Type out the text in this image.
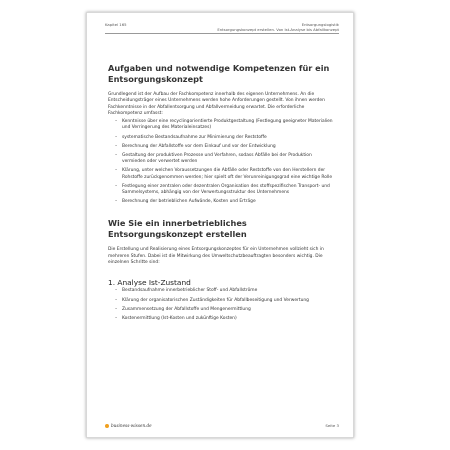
Kapitel 165	Entsorgungslogistik
Entsorgungskonzept erstellen. Von Ist-Analyse bis Abfallkonzept
Aufgaben und notwendige Kompetenzen für ein Entsorgungskonzept

Grundlegend ist der Aufbau der Fachkompetenz innerhalb des eigenen Unternehmens. An die Entscheidungsträger eines Unternehmens werden hohe Anforderungen gestellt. Von ihnen werden Fachkenntnisse in der Abfallentsorgung und Abfallvermeidung erwartet. Die erforderliche Fachkompetenz umfasst:

– Kenntnisse über eine recyclingorientierte Produktgestaltung (Festlegung geeigneter Materialien und Verringerung des Materialeinsatzes)
– systematische Bestandsaufnahme zur Minimierung der Reststoffe
– Berechnung der Abfallstoffe vor dem Einkauf und vor der Entwicklung
– Gestaltung der produktiven Prozesse und Verfahren, sodass Abfälle bei der Produktion vermieden oder verwertet werden
– Klärung, unter welchen Voraussetzungen die Abfälle oder Reststoffe von den Herstellern der Rohstoffe zurückgenommen werden; hier spielt oft der Verunreinigungsgrad eine wichtige Rolle
– Festlegung einer zentralen oder dezentralen Organisation des stoffspezifischen Transport- und Sammelsystems, abhängig von der Verwertungsstruktur des Unternehmens
– Berechnung der betrieblichen Aufwände, Kosten und Erträge
Wie Sie ein innerbetriebliches Entsorgungskonzept erstellen

Die Erstellung und Realisierung eines Entsorgungskonzeptes für ein Unternehmen vollzieht sich in mehreren Stufen. Dabei ist die Mitwirkung des Umweltschutzbeauftragten besonders wichtig. Die einzelnen Schritte sind:

1. Analyse Ist-Zustand
– Bestandsaufnahme innerbetrieblicher Stoff- und Abfallströme
– Klärung der organisatorischen Zuständigkeiten für Abfallbeseitigung und Verwertung
– Zusammensetzung der Abfallstoffe und Mengenermittlung
– Kostenermittlung (Ist-Kosten und zukünftige Kosten)
business-wissen.de	Seite 3
